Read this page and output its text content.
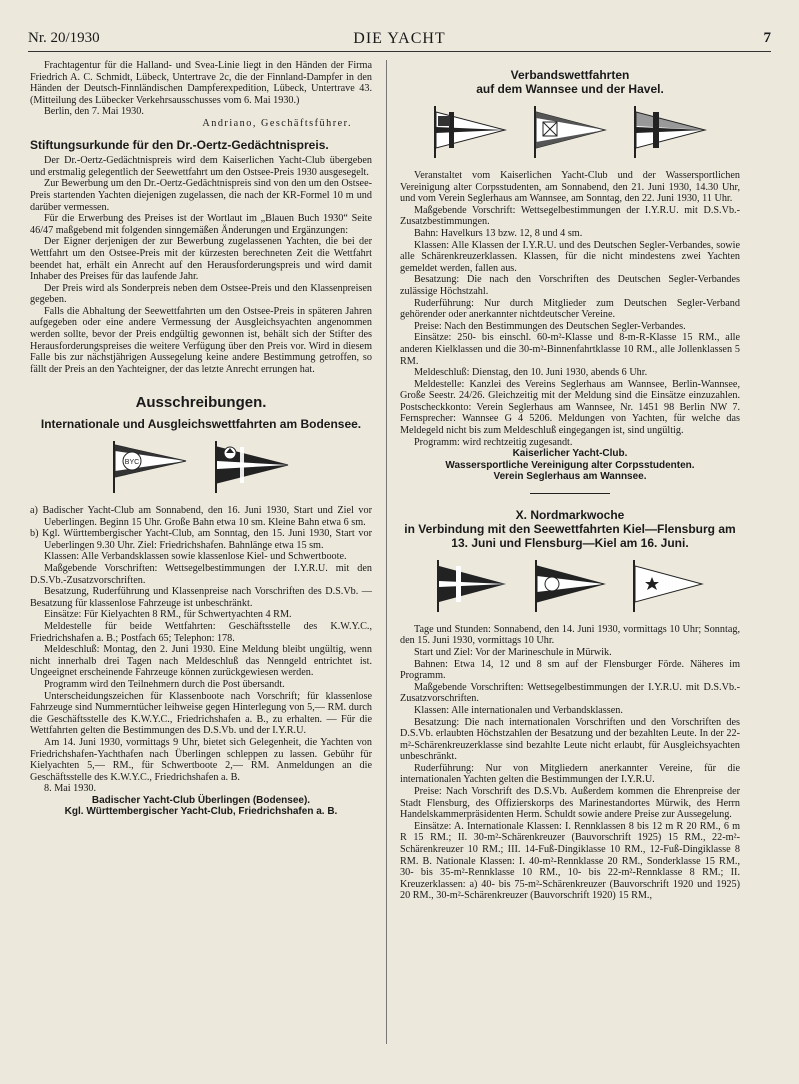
Nr. 20/1930	DIE YACHT	7

Frachtagentur für die Halland- und Svea-Linie liegt in den Händen der Firma Friedrich A. C. Schmidt, Lübeck, Untertrave 2c, die der Finnland-Dampfer in den Händen der Deutsch-Finnländischen Dampferexpedition, Lübeck, Untertrave 43. (Mitteilung des Lübecker Verkehrsausschusses vom 6. Mai 1930.)

Berlin, den 7. Mai 1930.

Andriano, Geschäftsführer.

Stiftungsurkunde für den Dr.-Oertz-Gedächtnispreis.

Der Dr.-Oertz-Gedächtnispreis wird dem Kaiserlichen Yacht-Club übergeben und erstmalig gelegentlich der Seewettfahrt um den Ostsee-Preis 1930 ausgesegelt.

Zur Bewerbung um den Dr.-Oertz-Gedächtnispreis sind von den um den Ostsee-Preis startenden Yachten diejenigen zugelassen, die nach der KR-Formel 10 m und darüber vermessen.

Für die Erwerbung des Preises ist der Wortlaut im „Blauen Buch 1930“ Seite 46/47 maßgebend mit folgenden sinngemäßen Änderungen und Ergänzungen:

Der Eigner derjenigen der zur Bewerbung zugelassenen Yachten, die bei der Wettfahrt um den Ostsee-Preis mit der kürzesten berechneten Zeit die Wettfahrt beendet hat, erhält ein Anrecht auf den Herausforderungspreis und wird damit Inhaber des Preises für das laufende Jahr.

Der Preis wird als Sonderpreis neben dem Ostsee-Preis und den Klassenpreisen gegeben.

Falls die Abhaltung der Seewettfahrten um den Ostsee-Preis in späteren Jahren aufgegeben oder eine andere Vermessung der Ausgleichsyachten angenommen werden sollte, bevor der Preis endgültig gewonnen ist, behält sich der Stifter des Herausforderungspreises die weitere Verfügung über den Preis vor. Wird in diesem Falle bis zur nächstjährigen Aussegelung keine andere Bestimmung getroffen, so fällt der Preis an den Yachteigner, der das letzte Anrecht errungen hat.

Ausschreibungen.
Internationale und Ausgleichswettfahrten am Bodensee.
BYC

a) Badischer Yacht-Club am Sonnabend, den 16. Juni 1930, Start und Ziel vor Ueberlingen. Beginn 15 Uhr. Große Bahn etwa 10 sm. Kleine Bahn etwa 6 sm.

b) Kgl. Württembergischer Yacht-Club, am Sonntag, den 15. Juni 1930, Start vor Ueberlingen 9.30 Uhr. Ziel: Friedrichshafen. Bahnlänge etwa 15 sm.

Klassen: Alle Verbandsklassen sowie klassenlose Kiel- und Schwertboote.

Maßgebende Vorschriften: Wettsegelbestimmungen der I.Y.R.U. mit den D.S.Vb.-Zusatzvorschriften.

Besatzung, Ruderführung und Klassenpreise nach Vorschriften des D.S.Vb. — Besatzung für klassenlose Fahrzeuge ist unbeschränkt.

Einsätze: Für Kielyachten 8 RM., für Schwertyachten 4 RM.

Meldestelle für beide Wettfahrten: Geschäftsstelle des K.W.Y.C., Friedrichshafen a. B.; Postfach 65; Telephon: 178.

Meldeschluß: Montag, den 2. Juni 1930. Eine Meldung bleibt ungültig, wenn nicht innerhalb drei Tagen nach Meldeschluß das Nenngeld entrichtet ist. Ungeeignet erscheinende Fahrzeuge können zurückgewiesen werden.

Programm wird den Teilnehmern durch die Post übersandt.

Unterscheidungszeichen für Klassenboote nach Vorschrift; für klassenlose Fahrzeuge sind Nummerntücher leihweise gegen Hinterlegung von 5,— RM. durch die Geschäftsstelle des K.W.Y.C., Friedrichshafen a. B., zu erhalten. — Für die Wettfahrten gelten die Bestimmungen des D.S.Vb. und der I.Y.R.U.

Am 14. Juni 1930, vormittags 9 Uhr, bietet sich Gelegenheit, die Yachten von Friedrichshafen-Yachthafen nach Überlingen schleppen zu lassen. Gebühr für Kielyachten 5,— RM., für Schwertboote 2,— RM. Anmeldungen an die Geschäftsstelle des K.W.Y.C., Friedrichshafen a. B.

8. Mai 1930.

Badischer Yacht-Club Überlingen (Bodensee).
Kgl. Württembergischer Yacht-Club, Friedrichshafen a. B.
Verbandswettfahrten
auf dem Wannsee und der Havel.

Veranstaltet vom Kaiserlichen Yacht-Club und der Wassersportlichen Vereinigung alter Corpsstudenten, am Sonnabend, den 21. Juni 1930, 14.30 Uhr, und vom Verein Seglerhaus am Wannsee, am Sonntag, den 22. Juni 1930, 11 Uhr.

Maßgebende Vorschrift: Wettsegelbestimmungen der I.Y.R.U. mit D.S.Vb.-Zusatzbestimmungen.

Bahn: Havelkurs 13 bzw. 12, 8 und 4 sm.

Klassen: Alle Klassen der I.Y.R.U. und des Deutschen Segler-Verbandes, sowie alle Schärenkreuzerklassen. Klassen, für die nicht mindestens zwei Yachten gemeldet werden, fallen aus.

Besatzung: Die nach den Vorschriften des Deutschen Segler-Verbandes zulässige Höchstzahl.

Ruderführung: Nur durch Mitglieder zum Deutschen Segler-Verband gehörender oder anerkannter nichtdeutscher Vereine.

Preise: Nach den Bestimmungen des Deutschen Segler-Verbandes.

Einsätze: 250- bis einschl. 60-m²-Klasse und 8-m-R-Klasse 15 RM., alle anderen Kielklassen und die 30-m²-Binnenfahrtklasse 10 RM., alle Jollenklassen 5 RM.

Meldeschluß: Dienstag, den 10. Juni 1930, abends 6 Uhr.

Meldestelle: Kanzlei des Vereins Seglerhaus am Wannsee, Berlin-Wannsee, Große Seestr. 24/26. Gleichzeitig mit der Meldung sind die Einsätze einzuzahlen. Postscheckkonto: Verein Seglerhaus am Wannsee, Nr. 1451 98 Berlin NW 7. Fernsprecher: Wannsee G 4 5206. Meldungen von Yachten, für welche das Meldegeld nicht bis zum Meldeschluß eingegangen ist, sind ungültig.

Programm: wird rechtzeitig zugesandt.

Kaiserlicher Yacht-Club.
Wassersportliche Vereinigung alter Corpsstudenten.
Verein Seglerhaus am Wannsee.
X. Nordmarkwoche
in Verbindung mit den Seewettfahrten Kiel—Flensburg am 13. Juni und Flensburg—Kiel am 16. Juni.

Tage und Stunden: Sonnabend, den 14. Juni 1930, vormittags 10 Uhr; Sonntag, den 15. Juni 1930, vormittags 10 Uhr.

Start und Ziel: Vor der Marineschule in Mürwik.

Bahnen: Etwa 14, 12 und 8 sm auf der Flensburger Förde. Näheres im Programm.

Maßgebende Vorschriften: Wettsegelbestimmungen der I.Y.R.U. mit D.S.Vb.-Zusatzvorschriften.

Klassen: Alle internationalen und Verbandsklassen.

Besatzung: Die nach internationalen Vorschriften und den Vorschriften des D.S.Vb. erlaubten Höchstzahlen der Besatzung und der bezahlten Leute. In der 22-m²-Schärenkreuzerklasse sind bezahlte Leute nicht erlaubt, für Ausgleichsyachten unbeschränkt.

Ruderführung: Nur von Mitgliedern anerkannter Vereine, für die internationalen Yachten gelten die Bestimmungen der I.Y.R.U.

Preise: Nach Vorschrift des D.S.Vb. Außerdem kommen die Ehrenpreise der Stadt Flensburg, des Offizierskorps des Marinestandortes Mürwik, des Herrn Handelskammerpräsidenten Herm. Schuldt sowie andere Preise zur Aussegelung.

Einsätze: A. Internationale Klassen: I. Rennklassen 8 bis 12 m R 20 RM., 6 m R 15 RM.; II. 30-m²-Schärenkreuzer (Bauvorschrift 1925) 15 RM., 22-m²-Schärenkreuzer 10 RM.; III. 14-Fuß-Dingiklasse 10 RM., 12-Fuß-Dingiklasse 8 RM. B. Nationale Klassen: I. 40-m²-Rennklasse 20 RM., Sonderklasse 15 RM., 30- bis 35-m²-Rennklasse 10 RM., 10- bis 22-m²-Rennklasse 8 RM.; II. Kreuzerklassen: a) 40- bis 75-m²-Schärenkreuzer (Bauvorschrift 1920 und 1925) 20 RM., 30-m²-Schärenkreuzer (Bauvorschrift 1920) 15 RM.,
